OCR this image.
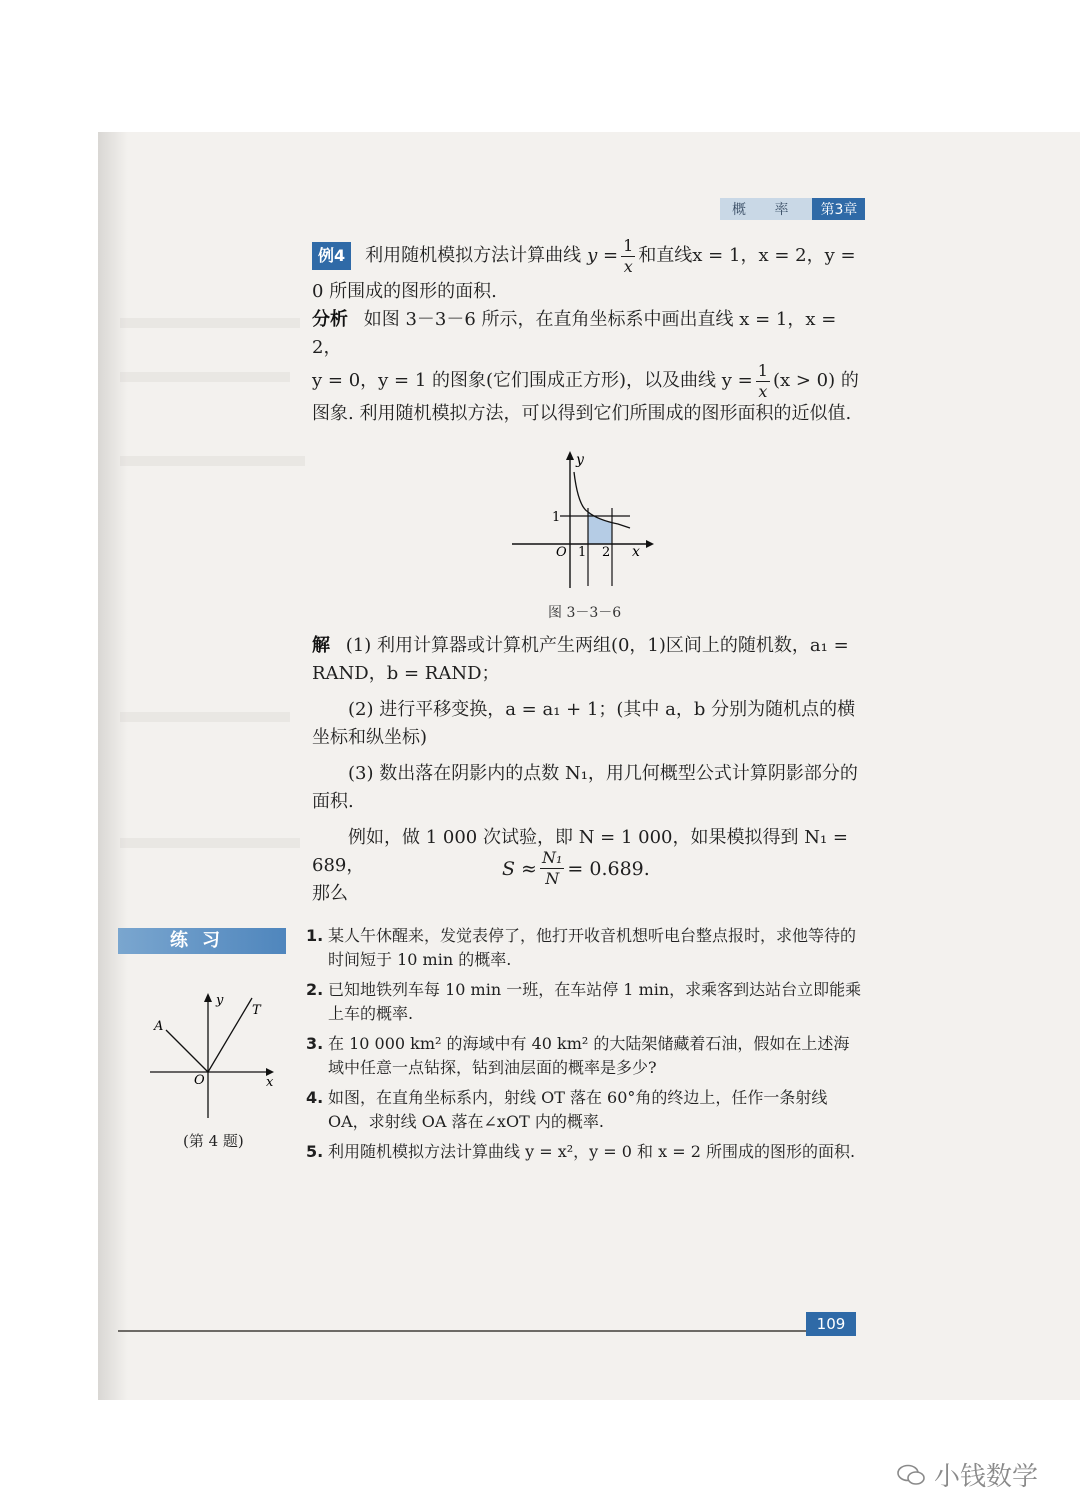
概 率	第3章
例4	利用随机模拟方法计算曲线 $y = \frac{1}{x}$ 和直线x = 1，x = 2，y =
0 所围成的图形的面积.
分析 如图 3－3－6 所示，在直角坐标系中画出直线 x = 1，x = 2，
y = 0，y = 1 的图象(它们围成正方形)，以及曲线 $y = \frac{1}{x} (x > 0)$ 的
图象. 利用随机模拟方法，可以得到它们所围成的图形面积的近似值.
y
x
O
1
1 2
图 3－3－6
解 (1) 利用计算器或计算机产生两组(0，1)区间上的随机数，a₁ = RAND，b = RAND；
(2) 进行平移变换，a = a₁ + 1；(其中 a，b 分别为随机点的横坐标和纵坐标)
(3) 数出落在阴影内的点数 N₁，用几何概型公式计算阴影部分的面积.
例如，做 1 000 次试验，即 N = 1 000，如果模拟得到 N₁ = 689，
那么
$S \approx \frac{\text{N₁}}{N} = 0.689$.
练习	1. 某人午休醒来，发觉表停了，他打开收音机想听电台整点报时，求他等待的时间短于 10 min 的概率.
2. 已知地铁列车每 10 min 一班，在车站停 1 min，求乘客到达站台立即能乘上车的概率.
3. 在 10 000 km² 的海域中有 40 km² 的大陆架储藏着石油，假如在上述海域中任意一点钻探，钻到油层面的概率是多少?
4. 如图，在直角坐标系内，射线 OT 落在 60°角的终边上，任作一条射线 OA，求射线 OA 落在∠xOT 内的概率.
5. 利用随机模拟方法计算曲线 y = x²，y = 0 和 x = 2 所围成的图形的面积.
y
T
A
O	x
(第 4 题)
109
小钱数学
